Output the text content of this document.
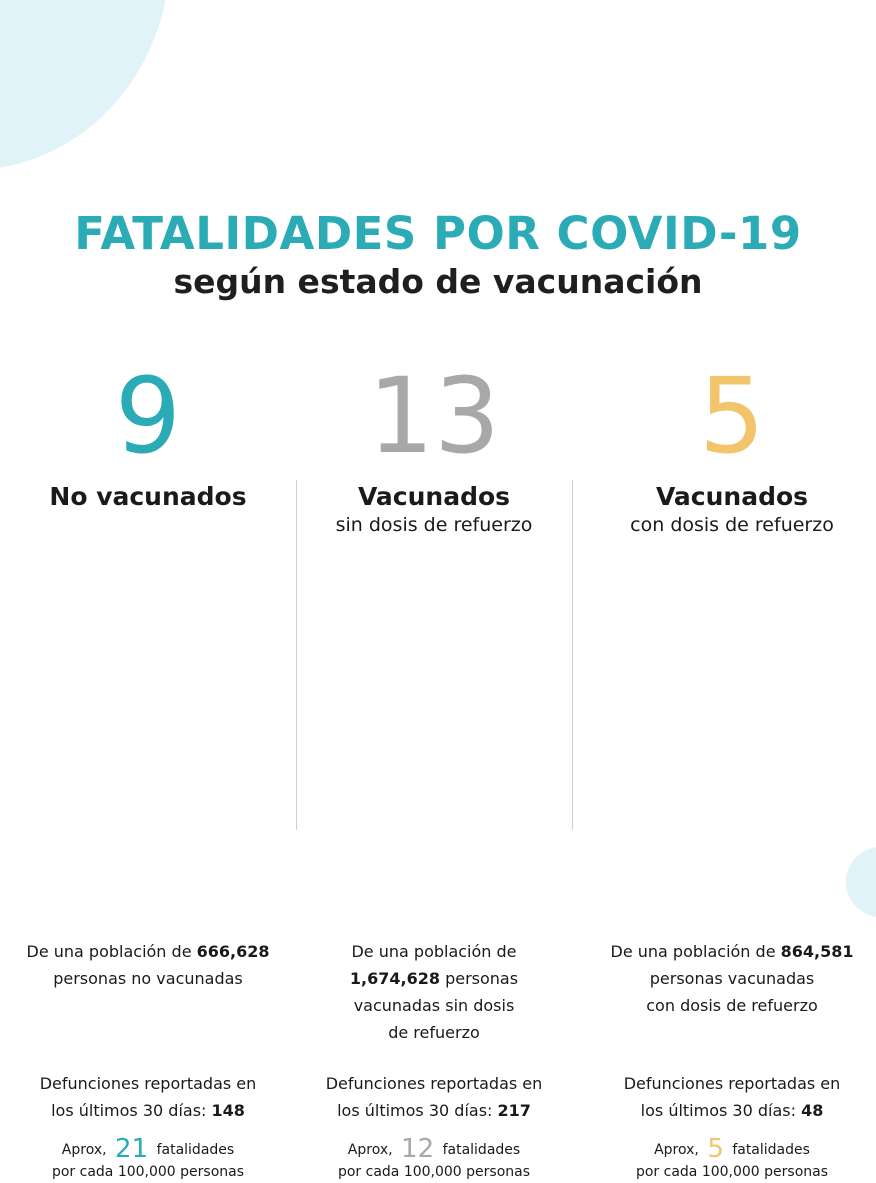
FATALIDADES POR COVID-19
según estado de vacunación
9
No vacunados
De una población de 666,628
personas no vacunadas
Defunciones reportadas en
los últimos 30 días: 148
Aprox, 21 fatalidades
por cada 100,000 personas
13
Vacunados
sin dosis de refuerzo
De una población de
1,674,628 personas
vacunadas sin dosis
de refuerzo
Defunciones reportadas en
los últimos 30 días: 217
Aprox, 12 fatalidades
por cada 100,000 personas
5
Vacunados
con dosis de refuerzo
De una población de 864,581
personas vacunadas
con dosis de refuerzo
Defunciones reportadas en
los últimos 30 días: 48
Aprox, 5 fatalidades
por cada 100,000 personas
